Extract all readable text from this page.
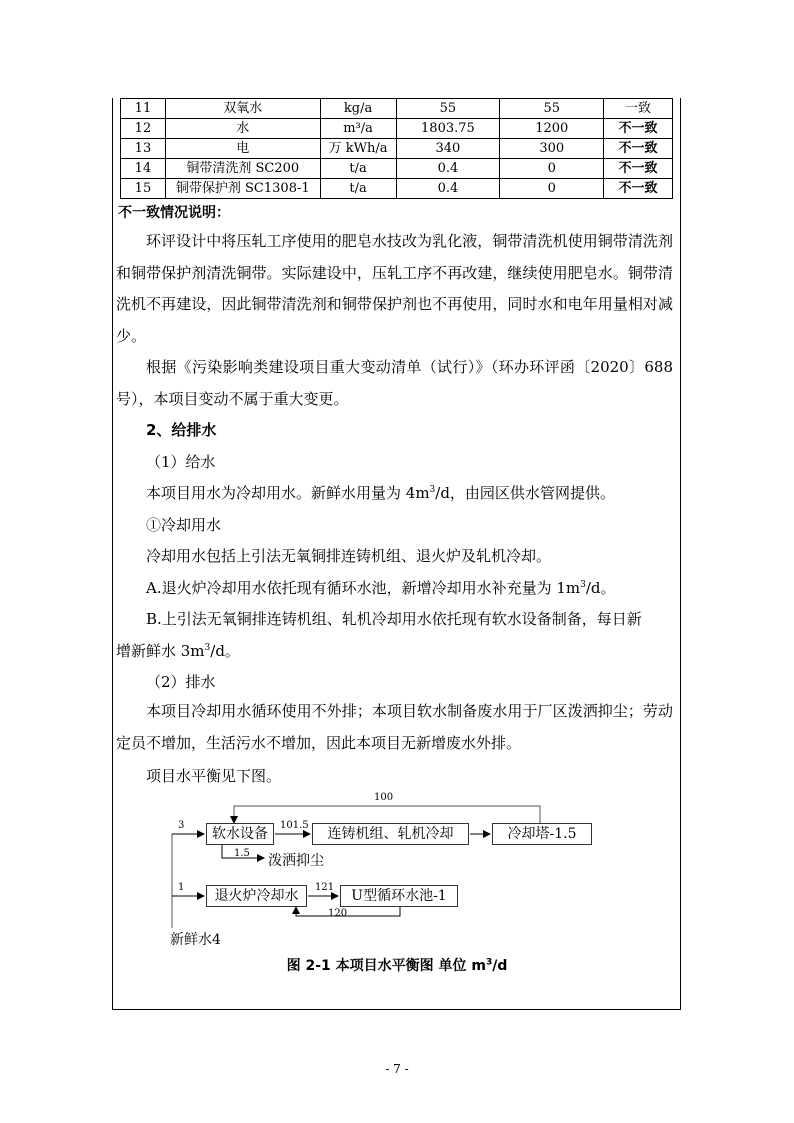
11	双氧水	kg/a	55	55	一致
12	水	m³/a	1803.75	1200	不一致
13	电	万 kWh/a	340	300	不一致
14	铜带清洗剂 SC200	t/a	0.4	0	不一致
15	铜带保护剂 SC1308-1	t/a	0.4	0	不一致
不一致情况说明：
环评设计中将压轧工序使用的肥皂水技改为乳化液，铜带清洗机使用铜带清洗剂和铜带保护剂清洗铜带。实际建设中，压轧工序不再改建，继续使用肥皂水。铜带清洗机不再建设，因此铜带清洗剂和铜带保护剂也不再使用，同时水和电年用量相对减少。
根据《污染影响类建设项目重大变动清单（试行）》（环办环评函〔2020〕688 号），本项目变动不属于重大变更。
2、给排水
（1）给水
本项目用水为冷却用水。新鲜水用量为 $4m^3/d$，由园区供水管网提供。
①冷却用水
冷却用水包括上引法无氧铜排连铸机组、退火炉及轧机冷却。
A.退火炉冷却用水依托现有循环水池，新增冷却用水补充量为 $1m^3/d$。
B.上引法无氧铜排连铸机组、轧机冷却用水依托现有软水设备制备，每日新
增新鲜水 $3m^3/d$。
（2）排水
本项目冷却用水循环使用不外排；本项目软水制备废水用于厂区泼洒抑尘；劳动定员不增加，生活污水不增加，因此本项目无新增废水外排。
项目水平衡见下图。
软水设备	连铸机组、轧机冷却	冷却塔-1.5
退火炉冷却水	U型循环水池-1
3	101.5
100
1.5 泼洒抑尘
1	121
120
新鲜水4
图 2-1 本项目水平衡图 单位 $m^3/d$
- 7 -
